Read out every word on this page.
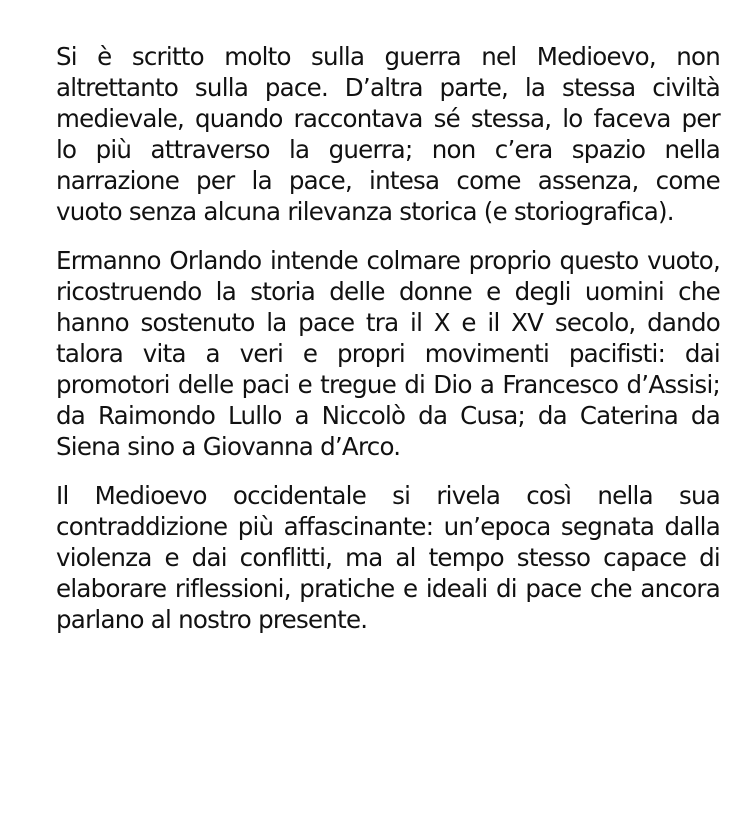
Si è scritto molto sulla guerra nel Medioevo, non altrettanto sulla pace. D’altra parte, la stessa civiltà medievale, quando raccontava sé stessa, lo faceva per lo più attraverso la guerra; non c’era spazio nella narrazione per la pace, intesa come assenza, come vuoto senza alcuna rilevanza storica (e storiografica).

Ermanno Orlando intende colmare proprio questo vuoto, ricostruendo la storia delle donne e degli uomini che hanno sostenuto la pace tra il X e il XV secolo, dando talora vita a veri e propri movimenti pacifisti: dai promotori delle paci e tregue di Dio a Francesco d’Assisi; da Raimondo Lullo a Niccolò da Cusa; da Caterina da Siena sino a Giovanna d’Arco.

Il Medioevo occidentale si rivela così nella sua contraddizione più affascinante: un’epoca segnata dalla violenza e dai conflitti, ma al tempo stesso capace di elaborare riflessioni, pratiche e ideali di pace che ancora parlano al nostro presente.
